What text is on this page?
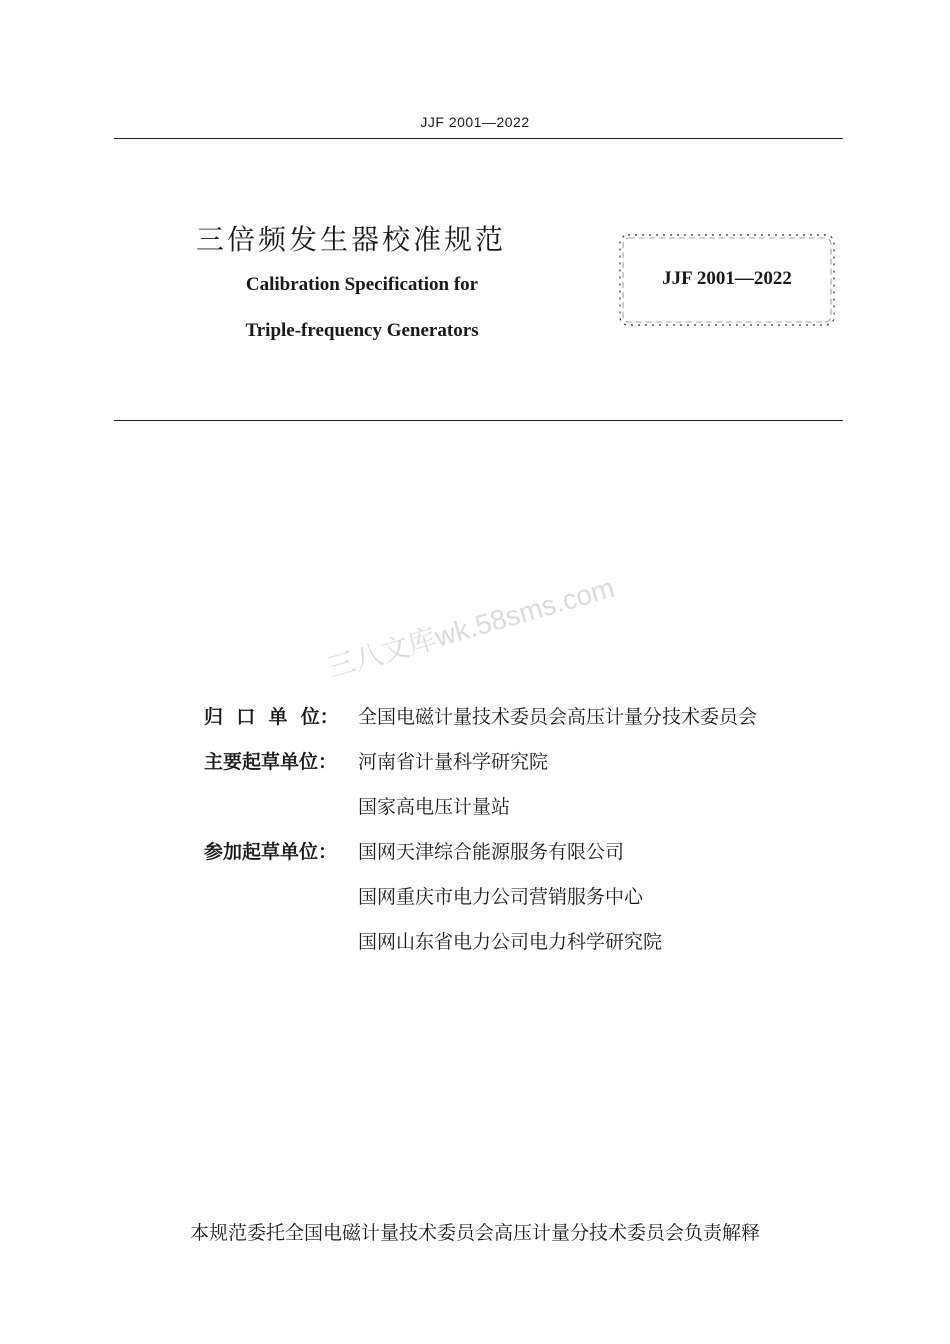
JJF 2001—2022
三倍频发生器校准规范
Calibration Specification for
Triple-frequency Generators
JJF 2001—2022
三八文库wk.58sms.com
归  口  单  位： 全国电磁计量技术委员会高压计量分技术委员会
主要起草单位： 河南省计量科学研究院
国家高电压计量站
参加起草单位： 国网天津综合能源服务有限公司
国网重庆市电力公司营销服务中心
国网山东省电力公司电力科学研究院
本规范委托全国电磁计量技术委员会高压计量分技术委员会负责解释
